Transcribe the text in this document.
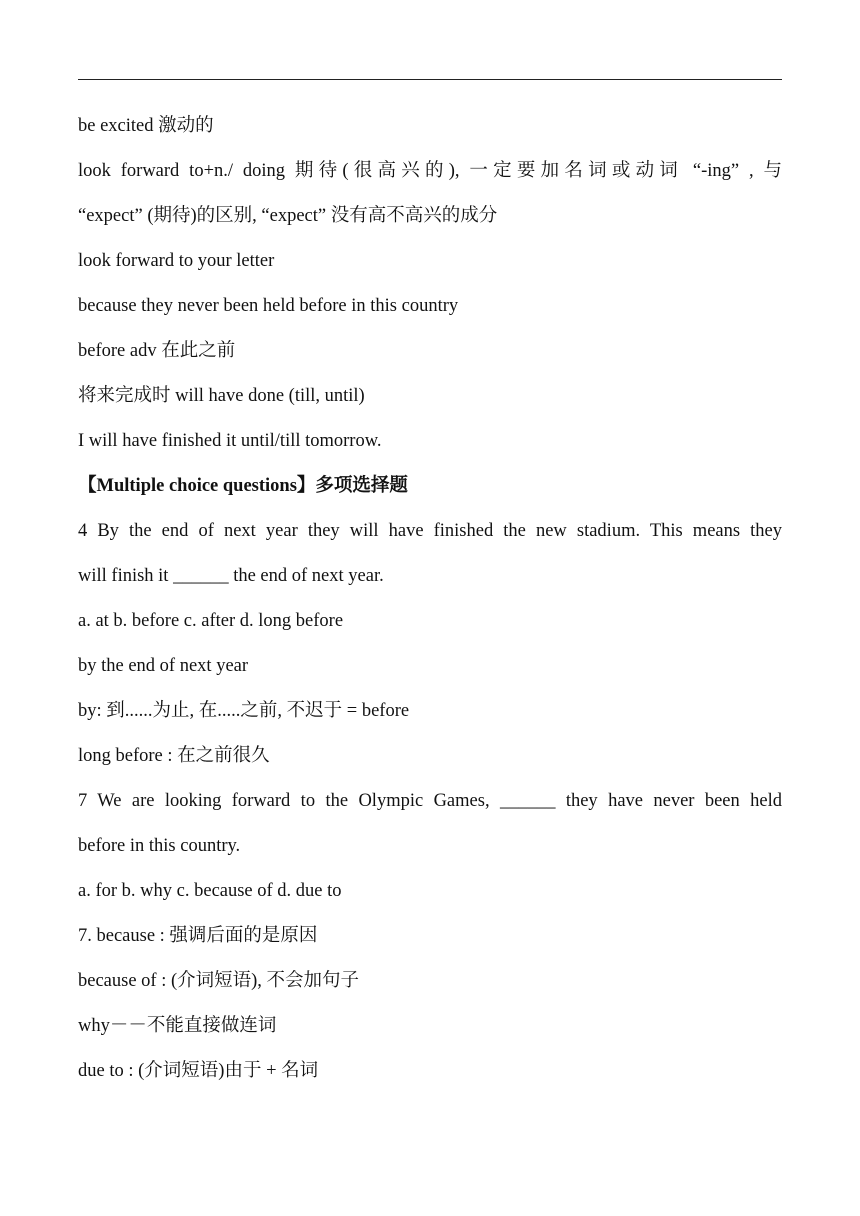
be excited 激动的
look forward to+n./ doing 期待(很高兴的), 一定要加名词或动词 “-ing” , 与
“expect” (期待)的区别, “expect” 没有高不高兴的成分
look forward to your letter
because they never been held before in this country
before adv 在此之前
将来完成时 will have done (till, until)
I will have finished it until/till tomorrow.
【Multiple choice questions】多项选择题
4 By the end of next year they will have finished the new stadium. This means they
will finish it ______ the end of next year.
a. at b. before c. after d. long before
by the end of next year
by: 到......为止, 在.....之前, 不迟于 = before
long before : 在之前很久
7 We are looking forward to the Olympic Games, ______ they have never been held
before in this country.
a. for b. why c. because of d. due to
7. because : 强调后面的是原因
because of : (介词短语), 不会加句子
why－－不能直接做连词
due to : (介词短语)由于 + 名词
